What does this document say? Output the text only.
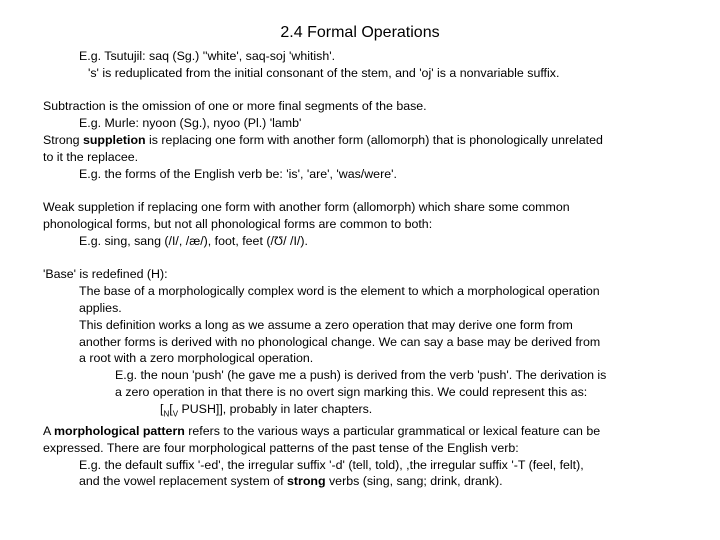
2.4 Formal Operations
E.g. Tsutujil: saq (Sg.) ''white', saq-soj 'whitish'.
's' is reduplicated from the initial consonant of the stem, and 'oj' is a nonvariable suffix.
Subtraction is the omission of one or more final segments of the base.
E.g. Murle: nyoon (Sg.), nyoo (Pl.) 'lamb'
Strong suppletion is replacing one form with another form (allomorph) that is phonologically unrelated
to it the replacee.
E.g. the forms of the English verb be: 'is', 'are', 'was/were'.
Weak suppletion if replacing one form with another form (allomorph) which share some common
phonological forms, but not all phonological forms are common to both:
E.g. sing, sang (/I/, /æ/), foot, feet (/Ʊ/ /I/).
'Base' is redefined (H):
The base of a morphologically complex word is the element to which a morphological operation
applies.
This definition works a long as we assume a zero operation that may derive one form from
another forms is derived with no phonological change. We can say a base may be derived from
a root with a zero morphological operation.
E.g. the noun 'push' (he gave me a push) is derived from the verb 'push'. The derivation is
a zero operation in that there is no overt sign marking this. We could represent this as:
[$_N[_V$ PUSH]], probably in later chapters.
A morphological pattern refers to the various ways a particular grammatical or lexical feature can be
expressed. There are four morphological patterns of the past tense of the English verb:
E.g. the default suffix '-ed', the irregular suffix '-d' (tell, told), ,the irregular suffix '-T (feel, felt),
and the vowel replacement system of strong verbs (sing, sang; drink, drank).
